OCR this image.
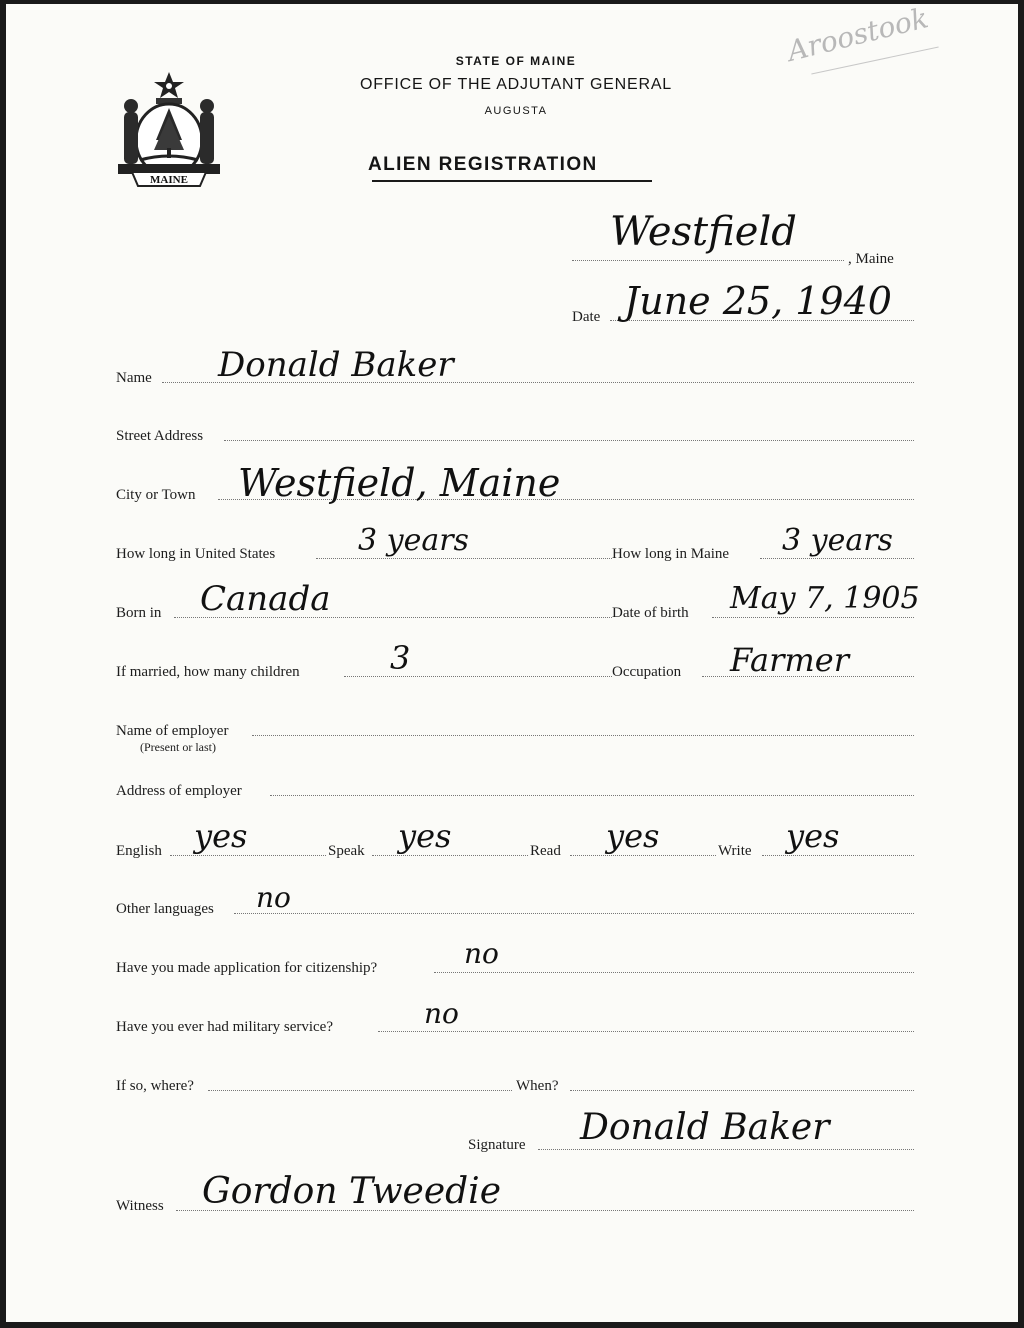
MAINE
STATE OF MAINE
OFFICE OF THE ADJUTANT GENERAL
AUGUSTA
ALIEN REGISTRATION
Aroostook
Westfield
, Maine
Date June 25, 1940
Name Donald Baker
Street Address
City or Town Westfield, Maine
How long in United States	3 years	How long in Maine 3 years
Born in Canada	Date of birth May 7, 1905
If married, how many children	3	Occupation Farmer
Name of employer
(Present or last)
Address of employer
English yes	Speak yes	Read yes	Write yes
Other languages no
Have you made application for citizenship?	no
Have you ever had military service?	no
If so, where?	When?
Signature Donald Baker
Witness Gordon Tweedie
